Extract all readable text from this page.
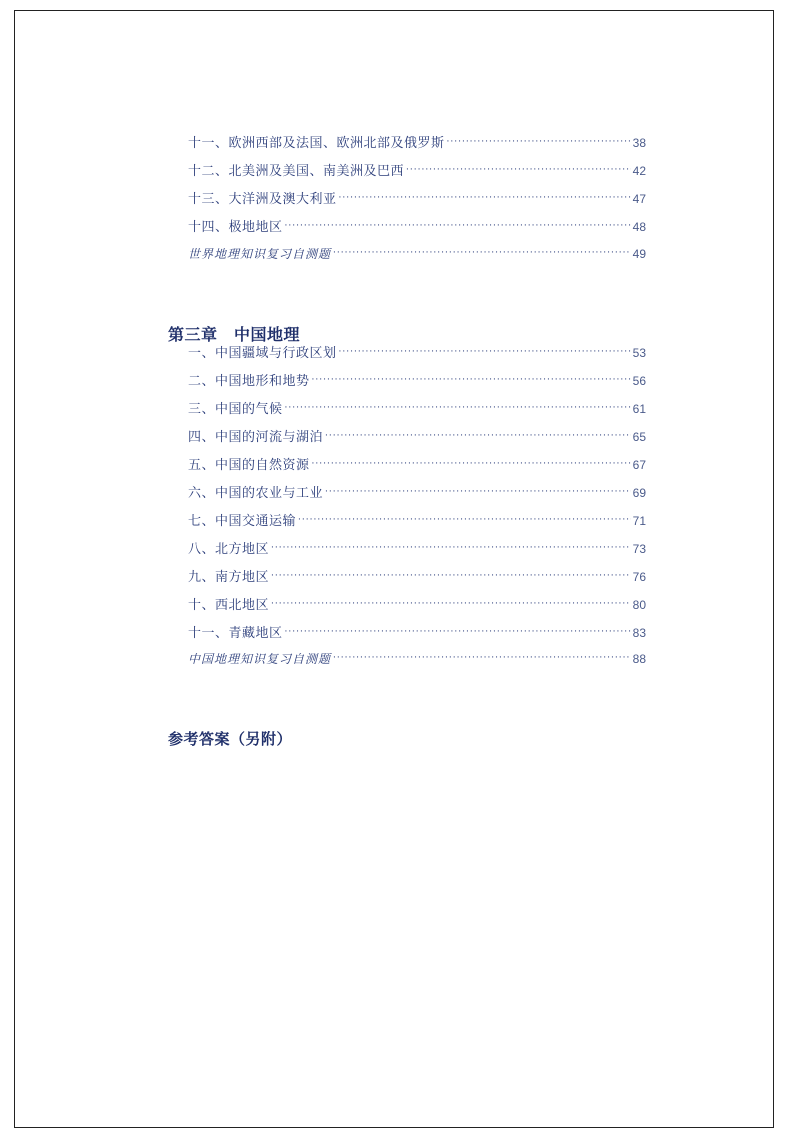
十一、欧洲西部及法国、欧洲北部及俄罗斯 ·····	38
十二、北美洲及美国、南美洲及巴西 ·····	42
十三、大洋洲及澳大利亚 ·····	47
十四、极地地区 ·····	48
世界地理知识复习自测题 ·····	49
第三章　中国地理
一、中国疆域与行政区划 ·····	53
二、中国地形和地势 ·····	56
三、中国的气候 ·····	61
四、中国的河流与湖泊 ·····	65
五、中国的自然资源 ·····	67
六、中国的农业与工业 ·····	69
七、中国交通运输 ·····	71
八、北方地区 ·····	73
九、南方地区 ·····	76
十、西北地区 ·····	80
十一、青藏地区 ·····	83
中国地理知识复习自测题 ·····	88
参考答案（另附）
